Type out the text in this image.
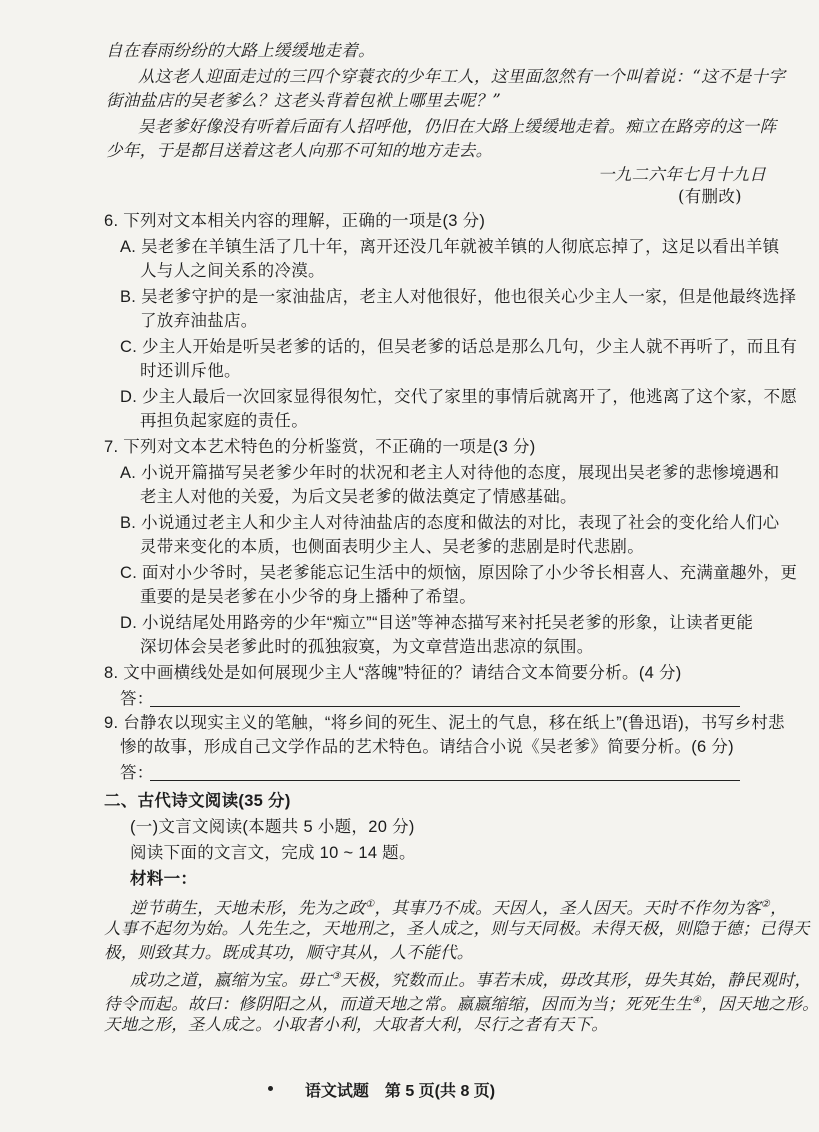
自在春雨纷纷的大路上缓缓地走着。
从这老人迎面走过的三四个穿蓑衣的少年工人，这里面忽然有一个叫着说：“这不是十字
街油盐店的吴老爹么？这老头背着包袱上哪里去呢？”
吴老爹好像没有听着后面有人招呼他，仍旧在大路上缓缓地走着。痴立在路旁的这一阵
少年，于是都目送着这老人向那不可知的地方走去。
一九二六年七月十九日
(有删改)
6. 下列对文本相关内容的理解，正确的一项是(3 分)
A. 吴老爹在羊镇生活了几十年，离开还没几年就被羊镇的人彻底忘掉了，这足以看出羊镇
人与人之间关系的冷漠。
B. 吴老爹守护的是一家油盐店，老主人对他很好，他也很关心少主人一家，但是他最终选择
了放弃油盐店。
C. 少主人开始是听吴老爹的话的，但吴老爹的话总是那么几句，少主人就不再听了，而且有
时还训斥他。
D. 少主人最后一次回家显得很匆忙，交代了家里的事情后就离开了，他逃离了这个家，不愿
再担负起家庭的责任。
7. 下列对文本艺术特色的分析鉴赏，不正确的一项是(3 分)
A. 小说开篇描写吴老爹少年时的状况和老主人对待他的态度，展现出吴老爹的悲惨境遇和
老主人对他的关爱，为后文吴老爹的做法奠定了情感基础。
B. 小说通过老主人和少主人对待油盐店的态度和做法的对比，表现了社会的变化给人们心
灵带来变化的本质，也侧面表明少主人、吴老爹的悲剧是时代悲剧。
C. 面对小少爷时，吴老爹能忘记生活中的烦恼，原因除了小少爷长相喜人、充满童趣外，更
重要的是吴老爹在小少爷的身上播种了希望。
D. 小说结尾处用路旁的少年“痴立”“目送”等神态描写来衬托吴老爹的形象，让读者更能
深切体会吴老爹此时的孤独寂寞，为文章营造出悲凉的氛围。
8. 文中画横线处是如何展现少主人“落魄”特征的？请结合文本简要分析。(4 分)
答：
9. 台静农以现实主义的笔触，“将乡间的死生、泥土的气息，移在纸上”(鲁迅语)，书写乡村悲
惨的故事，形成自己文学作品的艺术特色。请结合小说《吴老爹》简要分析。(6 分)
答：
二、古代诗文阅读(35 分)
(一)文言文阅读(本题共 5 小题，20 分)
阅读下面的文言文，完成 10 ~ 14 题。
材料一：
逆节萌生，天地未形，先为之政①，其事乃不成。天因人，圣人因天。天时不作勿为客②，
人事不起勿为始。人先生之，天地刑之，圣人成之，则与天同极。未得天极，则隐于德；已得天
极，则致其力。既成其功，顺守其从，人不能代。
成功之道，嬴缩为宝。毋亡③天极，究数而止。事若未成，毋改其形，毋失其始，静民观时，
待令而起。故曰：修阴阳之从，而道天地之常。嬴嬴缩缩，因而为当；死死生生④，因天地之形。
天地之形，圣人成之。小取者小利，大取者大利，尽行之者有天下。
语文试题　第 5 页(共 8 页)
